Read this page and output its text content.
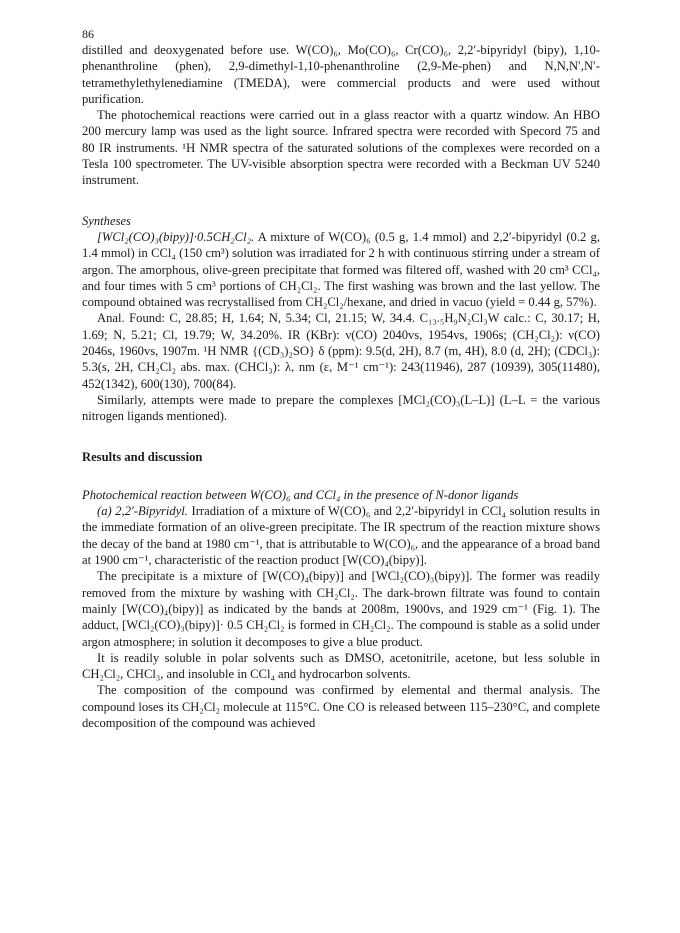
86

distilled and deoxygenated before use. W(CO)₆, Mo(CO)₆, Cr(CO)₆, 2,2′-bipyridyl (bipy), 1,10-phenanthroline (phen), 2,9-dimethyl-1,10-phenanthroline (2,9-Me-phen) and N,N,N′,N′-tetramethylethylenediamine (TMEDA), were commercial products and were used without purification.

The photochemical reactions were carried out in a glass reactor with a quartz window. An HBO 200 mercury lamp was used as the light source. Infrared spectra were recorded with Specord 75 and 80 IR instruments. ¹H NMR spectra of the saturated solutions of the complexes were recorded on a Tesla 100 spectrometer. The UV-visible absorption spectra were recorded with a Beckman UV 5240 instrument.

Syntheses

[WCl₂(CO)₃(bipy)]·0.5CH₂Cl₂. A mixture of W(CO)₆ (0.5 g, 1.4 mmol) and 2,2′-bipyridyl (0.2 g, 1.4 mmol) in CCl₄ (150 cm³) solution was irradiated for 2 h with continuous stirring under a stream of argon. The amorphous, olive-green precipitate that formed was filtered off, washed with 20 cm³ CCl₄, and four times with 5 cm³ portions of CH₂Cl₂. The first washing was brown and the last yellow. The compound obtained was recrystallised from CH₂Cl₂/hexane, and dried in vacuo (yield = 0.44 g, 57%).

Anal. Found: C, 28.85; H, 1.64; N, 5.34; Cl, 21.15; W, 34.4. C₁₃.₅H₉N₂Cl₃W calc.: C, 30.17; H, 1.69; N, 5.21; Cl, 19.79; W, 34.20%. IR (KBr): ν(CO) 2040vs, 1954vs, 1906s; (CH₂Cl₂): ν(CO) 2046s, 1960vs, 1907m. ¹H NMR {(CD₃)₂SO} δ (ppm): 9.5(d, 2H), 8.7 (m, 4H), 8.0 (d, 2H); (CDCl₃): 5.3(s, 2H, CH₂Cl₂ abs. max. (CHCl₃): λ, nm (ε, M⁻¹ cm⁻¹): 243(11946), 287 (10939), 305(11480), 452(1342), 600(130), 700(84).

Similarly, attempts were made to prepare the complexes [MCl₂(CO)₃(L–L)] (L–L = the various nitrogen ligands mentioned).

Results and discussion

Photochemical reaction between W(CO)₆ and CCl₄ in the presence of N-donor ligands

(a) 2,2′-Bipyridyl. Irradiation of a mixture of W(CO)₆ and 2,2′-bipyridyl in CCl₄ solution results in the immediate formation of an olive-green precipitate. The IR spectrum of the reaction mixture shows the decay of the band at 1980 cm⁻¹, that is attributable to W(CO)₆, and the appearance of a broad band at 1900 cm⁻¹, characteristic of the reaction product [W(CO)₄(bipy)].

The precipitate is a mixture of [W(CO)₄(bipy)] and [WCl₂(CO)₃(bipy)]. The former was readily removed from the mixture by washing with CH₂Cl₂. The dark-brown filtrate was found to contain mainly [W(CO)₄(bipy)] as indicated by the bands at 2008m, 1900vs, and 1929 cm⁻¹ (Fig. 1). The adduct, [WCl₂(CO)₃(bipy)]· 0.5 CH₂Cl₂ is formed in CH₂Cl₂. The compound is stable as a solid under argon atmosphere; in solution it decomposes to give a blue product.

It is readily soluble in polar solvents such as DMSO, acetonitrile, acetone, but less soluble in CH₂Cl₂, CHCl₃, and insoluble in CCl₄ and hydrocarbon solvents.

The composition of the compound was confirmed by elemental and thermal analysis. The compound loses its CH₂Cl₂ molecule at 115°C. One CO is released between 115–230°C, and complete decomposition of the compound was achieved
